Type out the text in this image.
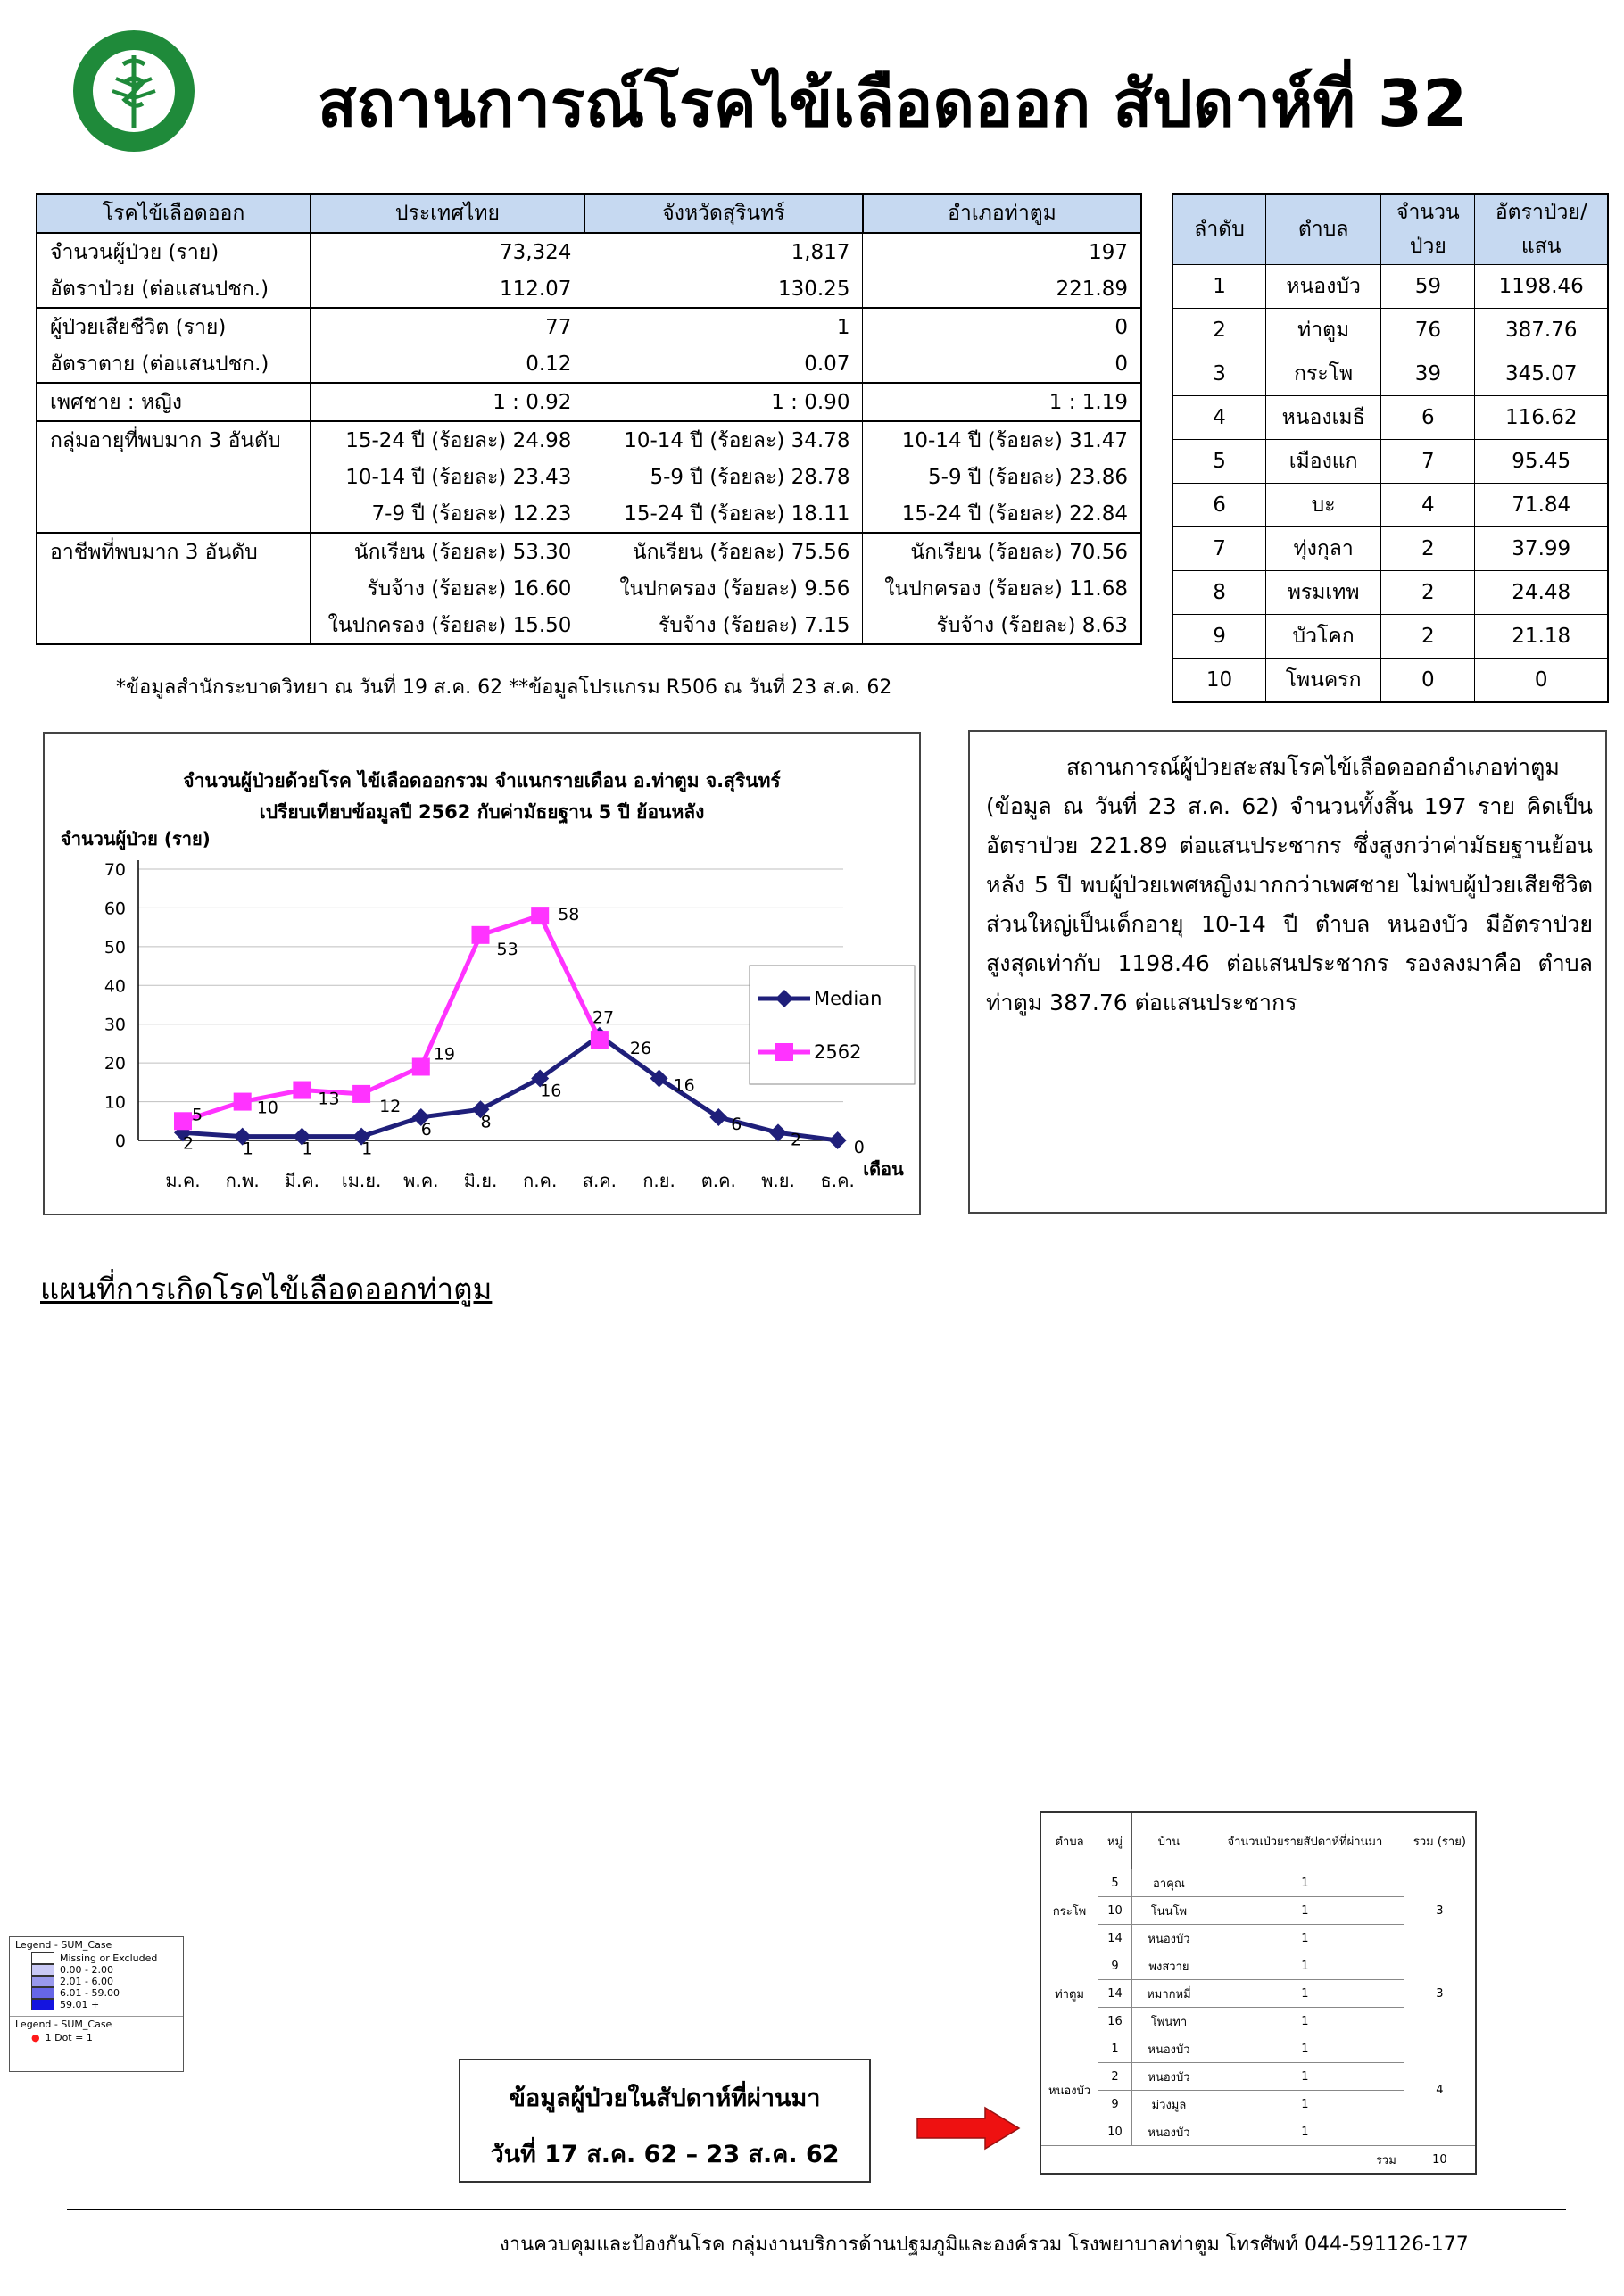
สถานการณ์โรคไข้เลือดออก สัปดาห์ที่ 32
โรคไข้เลือดออก	ประเทศไทย	จังหวัดสุรินทร์	อำเภอท่าตูม
จำนวนผู้ป่วย (ราย)	73,324	1,817	197
อัตราป่วย (ต่อแสนปชก.)	112.07	130.25	221.89
ผู้ป่วยเสียชีวิต (ราย)	77	1	0
อัตราตาย (ต่อแสนปชก.)	0.12	0.07	0
เพศชาย : หญิง	1 : 0.92	1 : 0.90	1 : 1.19
กลุ่มอายุที่พบมาก 3 อันดับ	15-24 ปี (ร้อยละ) 24.98	10-14 ปี (ร้อยละ) 34.78	10-14 ปี (ร้อยละ) 31.47
	10-14 ปี (ร้อยละ) 23.43	5-9 ปี (ร้อยละ) 28.78	5-9 ปี (ร้อยละ) 23.86
	7-9 ปี (ร้อยละ) 12.23	15-24 ปี (ร้อยละ) 18.11	15-24 ปี (ร้อยละ) 22.84
อาชีพที่พบมาก 3 อันดับ	นักเรียน (ร้อยละ) 53.30	นักเรียน (ร้อยละ) 75.56	นักเรียน (ร้อยละ) 70.56
	รับจ้าง (ร้อยละ) 16.60	ในปกครอง (ร้อยละ) 9.56	ในปกครอง (ร้อยละ) 11.68
	ในปกครอง (ร้อยละ) 15.50	รับจ้าง (ร้อยละ) 7.15	รับจ้าง (ร้อยละ) 8.63
ลำดับ	ตำบล	จำนวน ป่วย	อัตราป่วย/ แสน
1	หนองบัว	59	1198.46
2	ท่าตูม	76	387.76
3	กระโพ	39	345.07
4	หนองเมธี	6	116.62
5	เมืองแก	7	95.45
6	บะ	4	71.84
7	ทุ่งกุลา	2	37.99
8	พรมเทพ	2	24.48
9	บัวโคก	2	21.18
10	โพนครก	0	0
*ข้อมูลสำนักระบาดวิทยา ณ วันที่ 19 ส.ค. 62 **ข้อมูลโปรแกรม R506 ณ วันที่ 23 ส.ค. 62
จำนวนผู้ป่วยด้วยโรค ไข้เลือดออกรวม จำแนกรายเดือน อ.ท่าตูม จ.สุรินทร์
เปรียบเทียบข้อมูลปี 2562 กับค่ามัธยฐาน 5 ปี ย้อนหลัง
จำนวนผู้ป่วย (ราย)
0
10
20
30
40
50
60
70
ม.ค. ก.พ. มี.ค. เม.ย. พ.ค. มิ.ย. ก.ค. ส.ค. ก.ย. ต.ค. พ.ย. ธ.ค.
เดือน
2	1	1	1
6	8
16
27
16
6
2	0
5	10 13 12
19
53
58
26
Median
2562
สถานการณ์ผู้ป่วยสะสมโรคไข้เลือดออกอำเภอท่าตูม (ข้อมูล ณ วันที่ 23 ส.ค. 62) จำนวนทั้งสิ้น 197 ราย คิดเป็นอัตราป่วย 221.89 ต่อแสนประชากร ซึ่งสูงกว่าค่ามัธยฐานย้อนหลัง 5 ปี พบผู้ป่วยเพศหญิงมากกว่าเพศชาย ไม่พบผู้ป่วยเสียชีวิต ส่วนใหญ่เป็นเด็กอายุ 10-14 ปี ตำบล หนองบัว มีอัตราป่วยสูงสุดเท่ากับ 1198.46 ต่อแสนประชากร รองลงมาคือ ตำบลท่าตูม 387.76 ต่อแสนประชากร
แผนที่การเกิดโรคไข้เลือดออกท่าตูม
Legend - SUM_Case
Missing or Excluded
0.00 - 2.00
2.01 - 6.00
6.01 - 59.00
59.01 +
Legend - SUM_Case
● 1 Dot = 1
ข้อมูลผู้ป่วยในสัปดาห์ที่ผ่านมา
วันที่ 17 ส.ค. 62 – 23 ส.ค. 62
ตำบล	หมู่	บ้าน	จำนวนป่วยรายสัปดาห์ที่ผ่านมา	รวม (ราย)
กระโพ	5	อาคุณ	1	3
	10	โนนโพ	1	
	14	หนองบัว	1	
ท่าตูม	9	พงสวาย	1	3
	14	หมากหมี่	1	
	16	โพนทา	1	
หนองบัว	1	หนองบัว	1	4
	2	หนองบัว	1	
	9	ม่วงมูล	1	
	10	หนองบัว	1	
รวม				10
งานควบคุมและป้องกันโรค กลุ่มงานบริการด้านปฐมภูมิและองค์รวม โรงพยาบาลท่าตูม โทรศัพท์ 044-591126-177
